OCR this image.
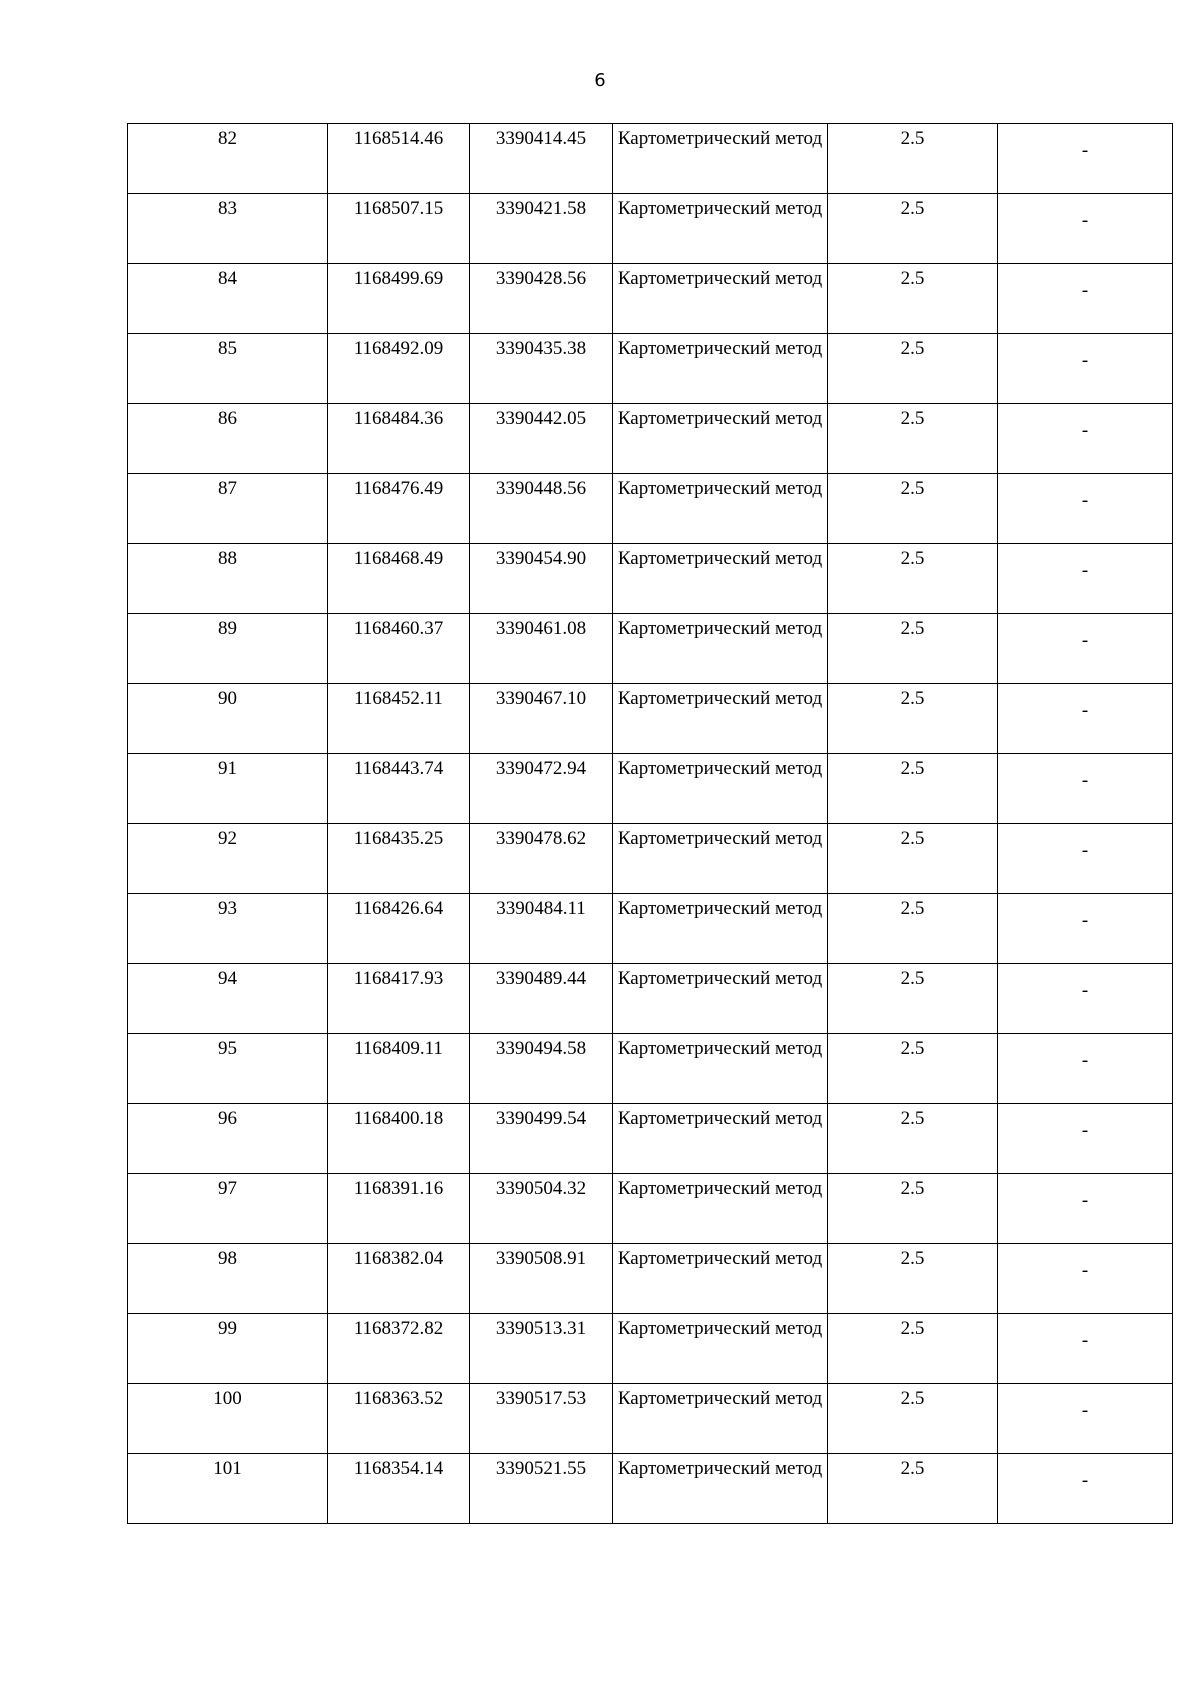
6
82	1168514.46	3390414.45	Картометрический метод	2.5	-

83	1168507.15	3390421.58	Картометрический метод	2.5	-

84	1168499.69	3390428.56	Картометрический метод	2.5	-

85	1168492.09	3390435.38	Картометрический метод	2.5	-

86	1168484.36	3390442.05	Картометрический метод	2.5	-

87	1168476.49	3390448.56	Картометрический метод	2.5	-

88	1168468.49	3390454.90	Картометрический метод	2.5	-

89	1168460.37	3390461.08	Картометрический метод	2.5	-

90	1168452.11	3390467.10	Картометрический метод	2.5	-

91	1168443.74	3390472.94	Картометрический метод	2.5	-

92	1168435.25	3390478.62	Картометрический метод	2.5	-

93	1168426.64	3390484.11	Картометрический метод	2.5	-

94	1168417.93	3390489.44	Картометрический метод	2.5	-

95	1168409.11	3390494.58	Картометрический метод	2.5	-

96	1168400.18	3390499.54	Картометрический метод	2.5	-

97	1168391.16	3390504.32	Картометрический метод	2.5	-

98	1168382.04	3390508.91	Картометрический метод	2.5	-

99	1168372.82	3390513.31	Картометрический метод	2.5	-

100	1168363.52	3390517.53	Картометрический метод	2.5	-

101	1168354.14	3390521.55	Картометрический метод	2.5	-
